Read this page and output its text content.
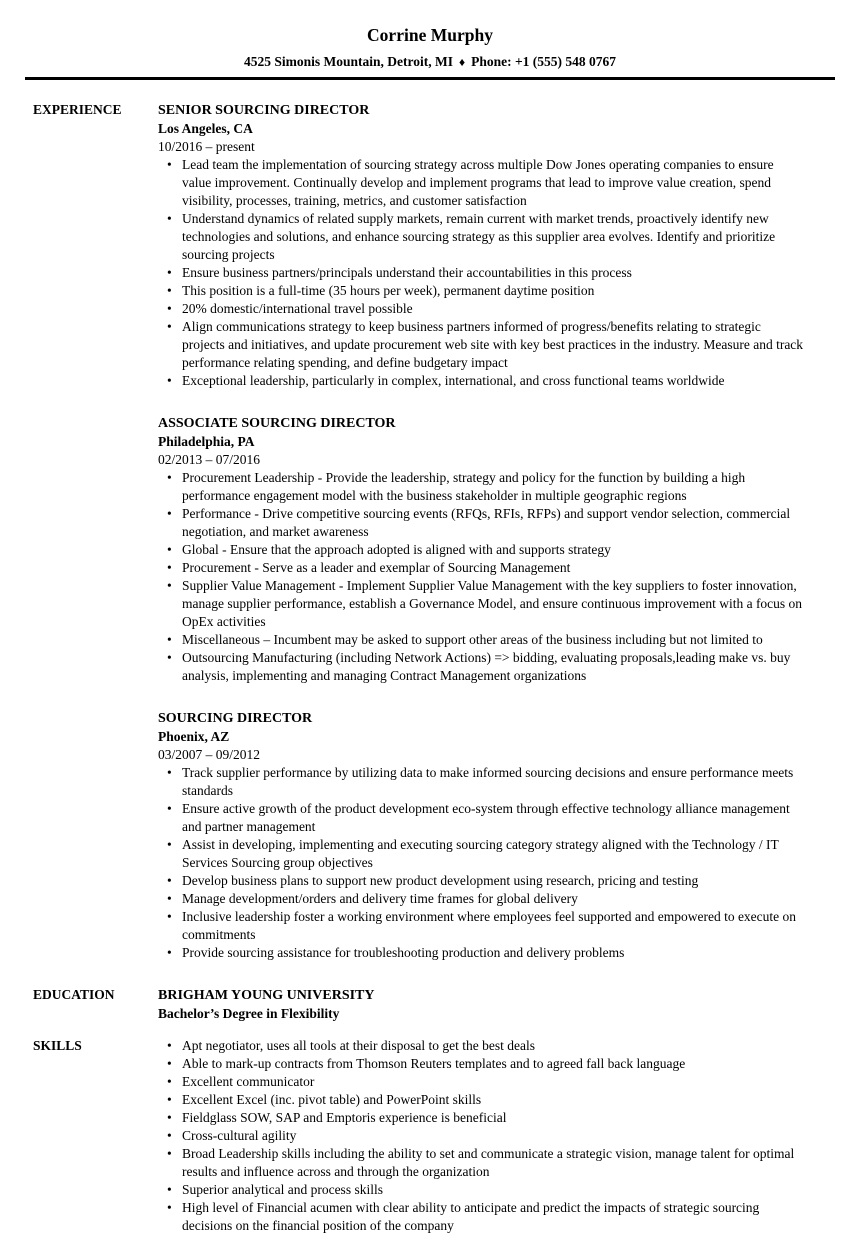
Corrine Murphy
4525 Simonis Mountain, Detroit, MI ♦ Phone: +1 (555) 548 0767
EXPERIENCE	SENIOR SOURCING DIRECTOR
Los Angeles, CA
10/2016 – present
• Lead team the implementation of sourcing strategy across multiple Dow Jones operating companies to ensure value improvement. Continually develop and implement programs that lead to improve value creation, spend visibility, processes, training, metrics, and customer satisfaction
• Understand dynamics of related supply markets, remain current with market trends, proactively identify new technologies and solutions, and enhance sourcing strategy as this supplier area evolves. Identify and prioritize sourcing projects
• Ensure business partners/principals understand their accountabilities in this process
• This position is a full-time (35 hours per week), permanent daytime position
• 20% domestic/international travel possible
• Align communications strategy to keep business partners informed of progress/benefits relating to strategic projects and initiatives, and update procurement web site with key best practices in the industry. Measure and track performance relating spending, and define budgetary impact
• Exceptional leadership, particularly in complex, international, and cross functional teams worldwide
ASSOCIATE SOURCING DIRECTOR
Philadelphia, PA
02/2013 – 07/2016
• Procurement Leadership - Provide the leadership, strategy and policy for the function by building a high performance engagement model with the business stakeholder in multiple geographic regions
• Performance - Drive competitive sourcing events (RFQs, RFIs, RFPs) and support vendor selection, commercial negotiation, and market awareness
• Global - Ensure that the approach adopted is aligned with and supports strategy
• Procurement - Serve as a leader and exemplar of Sourcing Management
• Supplier Value Management - Implement Supplier Value Management with the key suppliers to foster innovation, manage supplier performance, establish a Governance Model, and ensure continuous improvement with a focus on OpEx activities
• Miscellaneous – Incumbent may be asked to support other areas of the business including but not limited to
• Outsourcing Manufacturing (including Network Actions) => bidding, evaluating proposals,leading make vs. buy analysis, implementing and managing Contract Management organizations
SOURCING DIRECTOR
Phoenix, AZ
03/2007 – 09/2012
• Track supplier performance by utilizing data to make informed sourcing decisions and ensure performance meets standards
• Ensure active growth of the product development eco-system through effective technology alliance management and partner management
• Assist in developing, implementing and executing sourcing category strategy aligned with the Technology / IT Services Sourcing group objectives
• Develop business plans to support new product development using research, pricing and testing
• Manage development/orders and delivery time frames for global delivery
• Inclusive leadership foster a working environment where employees feel supported and empowered to execute on commitments
• Provide sourcing assistance for troubleshooting production and delivery problems
EDUCATION	BRIGHAM YOUNG UNIVERSITY
Bachelor’s Degree in Flexibility
SKILLS	• Apt negotiator, uses all tools at their disposal to get the best deals
• Able to mark-up contracts from Thomson Reuters templates and to agreed fall back language
• Excellent communicator
• Excellent Excel (inc. pivot table) and PowerPoint skills
• Fieldglass SOW, SAP and Emptoris experience is beneficial
• Cross-cultural agility
• Broad Leadership skills including the ability to set and communicate a strategic vision, manage talent for optimal results and influence across and through the organization
• Superior analytical and process skills
• High level of Financial acumen with clear ability to anticipate and predict the impacts of strategic sourcing decisions on the financial position of the company
